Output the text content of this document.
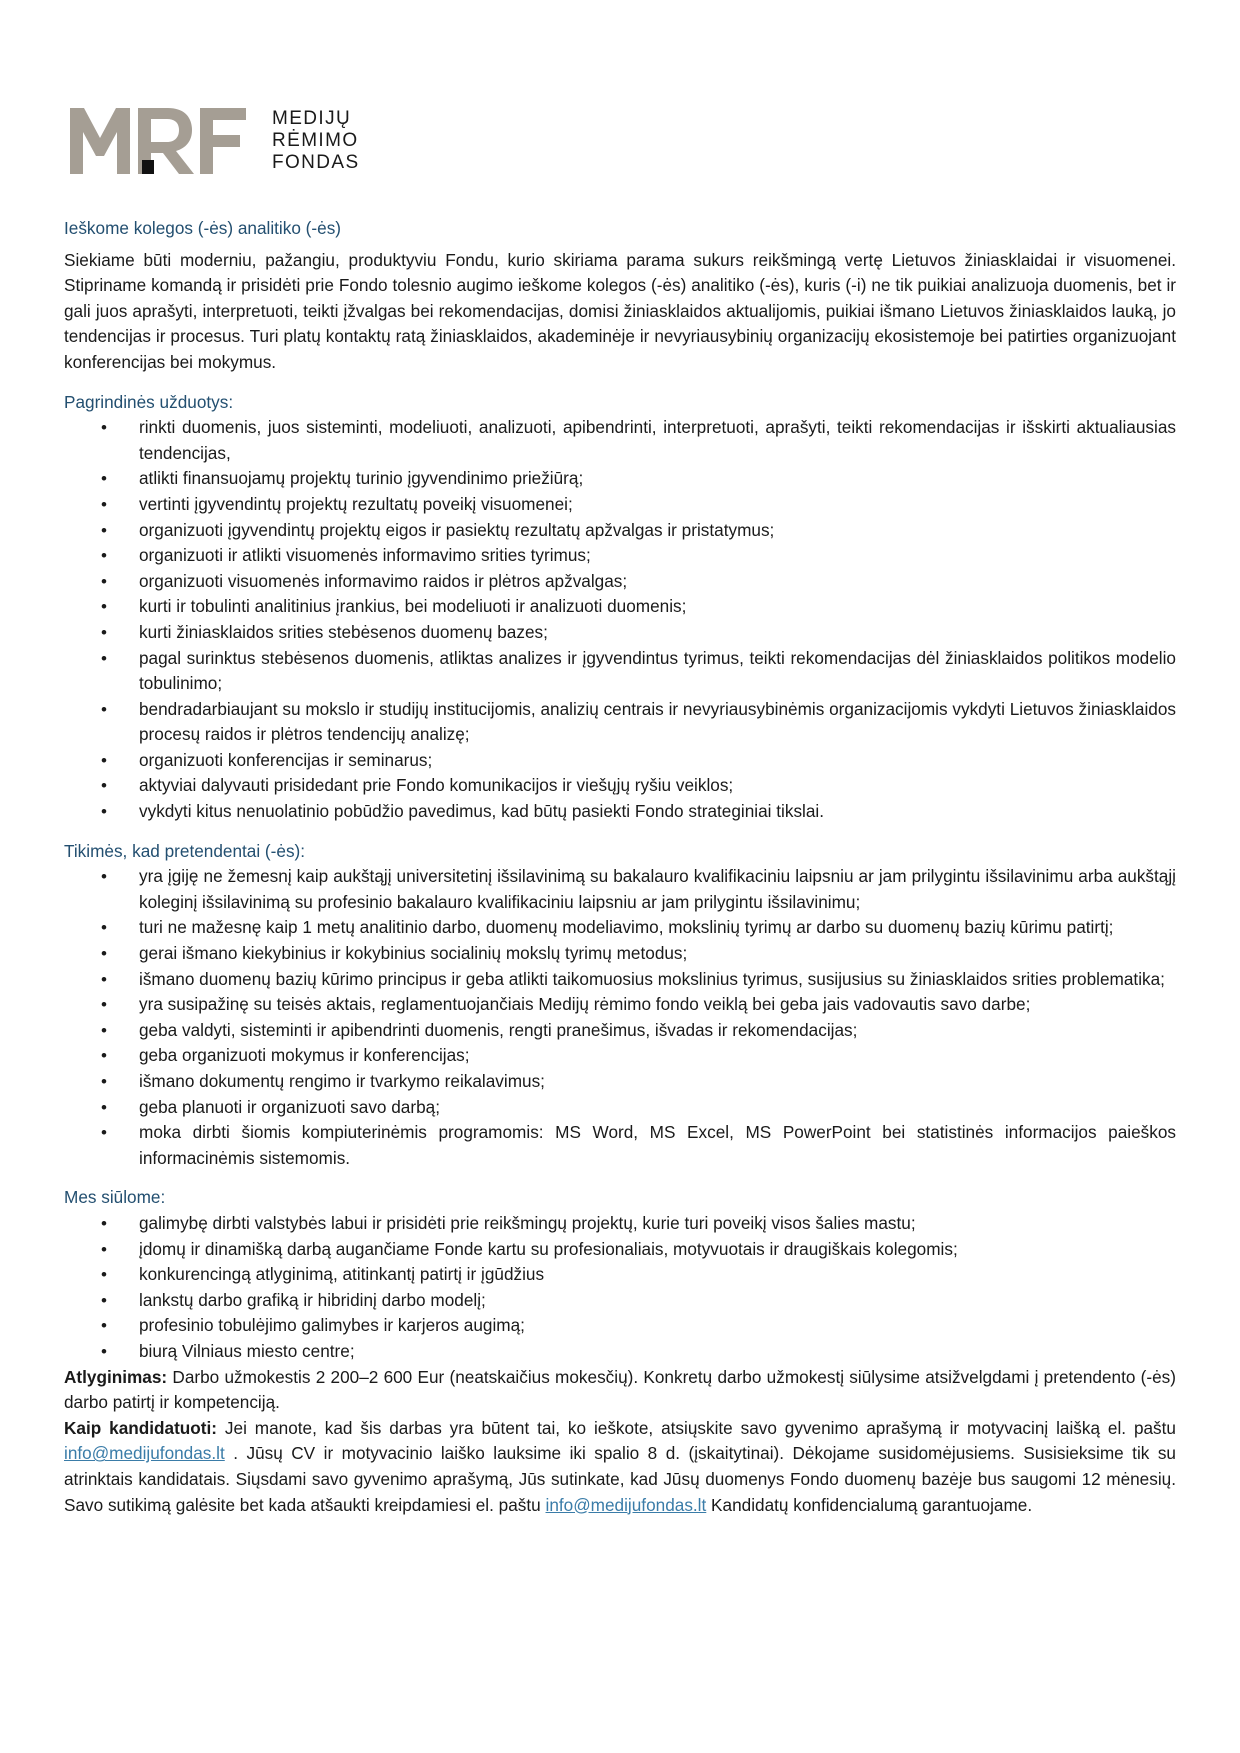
MEDIJŲ
RĖMIMO
FONDAS
Ieškome kolegos (-ės) analitiko (-ės)

Siekiame būti moderniu, pažangiu, produktyviu Fondu, kurio skiriama parama sukurs reikšmingą vertę Lietuvos žiniasklaidai ir visuomenei. Stipriname komandą ir prisidėti prie Fondo tolesnio augimo ieškome kolegos (-ės) analitiko (-ės), kuris (-i) ne tik puikiai analizuoja duomenis, bet ir gali juos aprašyti, interpretuoti, teikti įžvalgas bei rekomendacijas, domisi žiniasklaidos aktualijomis, puikiai išmano Lietuvos žiniasklaidos lauką, jo tendencijas ir procesus. Turi platų kontaktų ratą žiniasklaidos, akademinėje ir nevyriausybinių organizacijų ekosistemoje bei patirties organizuojant konferencijas bei mokymus.

Pagrindinės užduotys:
• rinkti duomenis, juos sisteminti, modeliuoti, analizuoti, apibendrinti, interpretuoti, aprašyti, teikti rekomendacijas ir išskirti aktualiausias tendencijas,
• atlikti finansuojamų projektų turinio įgyvendinimo priežiūrą;
• vertinti įgyvendintų projektų rezultatų poveikį visuomenei;
• organizuoti įgyvendintų projektų eigos ir pasiektų rezultatų apžvalgas ir pristatymus;
• organizuoti ir atlikti visuomenės informavimo srities tyrimus;
• organizuoti visuomenės informavimo raidos ir plėtros apžvalgas;
• kurti ir tobulinti analitinius įrankius, bei modeliuoti ir analizuoti duomenis;
• kurti žiniasklaidos srities stebėsenos duomenų bazes;
• pagal surinktus stebėsenos duomenis, atliktas analizes ir įgyvendintus tyrimus, teikti rekomendacijas dėl žiniasklaidos politikos modelio tobulinimo;
• bendradarbiaujant su mokslo ir studijų institucijomis, analizių centrais ir nevyriausybinėmis organizacijomis vykdyti Lietuvos žiniasklaidos procesų raidos ir plėtros tendencijų analizę;
• organizuoti konferencijas ir seminarus;
• aktyviai dalyvauti prisidedant prie Fondo komunikacijos ir viešųjų ryšiu veiklos;
• vykdyti kitus nenuolatinio pobūdžio pavedimus, kad būtų pasiekti Fondo strateginiai tikslai.
Tikimės, kad pretendentai (-ės):
• yra įgiję ne žemesnį kaip aukštąjį universitetinį išsilavinimą su bakalauro kvalifikaciniu laipsniu ar jam prilygintu išsilavinimu arba aukštąjį koleginį išsilavinimą su profesinio bakalauro kvalifikaciniu laipsniu ar jam prilygintu išsilavinimu;
• turi ne mažesnę kaip 1 metų analitinio darbo, duomenų modeliavimo, mokslinių tyrimų ar darbo su duomenų bazių kūrimu patirtį;
• gerai išmano kiekybinius ir kokybinius socialinių mokslų tyrimų metodus;
• išmano duomenų bazių kūrimo principus ir geba atlikti taikomuosius mokslinius tyrimus, susijusius su žiniasklaidos srities problematika;
• yra susipažinę su teisės aktais, reglamentuojančiais Medijų rėmimo fondo veiklą bei geba jais vadovautis savo darbe;
• geba valdyti, sisteminti ir apibendrinti duomenis, rengti pranešimus, išvadas ir rekomendacijas;
• geba organizuoti mokymus ir konferencijas;
• išmano dokumentų rengimo ir tvarkymo reikalavimus;
• geba planuoti ir organizuoti savo darbą;
• moka dirbti šiomis kompiuterinėmis programomis: MS Word, MS Excel, MS PowerPoint bei statistinės informacijos paieškos informacinėmis sistemomis.
Mes siūlome:
• galimybę dirbti valstybės labui ir prisidėti prie reikšmingų projektų, kurie turi poveikį visos šalies mastu;
• įdomų ir dinamišką darbą augančiame Fonde kartu su profesionaliais, motyvuotais ir draugiškais kolegomis;
• konkurencingą atlyginimą, atitinkantį patirtį ir įgūdžius
• lankstų darbo grafiką ir hibridinį darbo modelį;
• profesinio tobulėjimo galimybes ir karjeros augimą;
• biurą Vilniaus miesto centre;

Atlyginimas: Darbo užmokestis 2 200–2 600 Eur (neatskaičius mokesčių). Konkretų darbo užmokestį siūlysime atsižvelgdami į pretendento (-ės) darbo patirtį ir kompetenciją.

Kaip kandidatuoti: Jei manote, kad šis darbas yra būtent tai, ko ieškote, atsiųskite savo gyvenimo aprašymą ir motyvacinį laišką el. paštu info@medijufondas.lt . Jūsų CV ir motyvacinio laiško lauksime iki spalio 8 d. (įskaitytinai). Dėkojame susidomėjusiems. Susisieksime tik su atrinktais kandidatais. Siųsdami savo gyvenimo aprašymą, Jūs sutinkate, kad Jūsų duomenys Fondo duomenų bazėje bus saugomi 12 mėnesių. Savo sutikimą galėsite bet kada atšaukti kreipdamiesi el. paštu info@medijufondas.lt Kandidatų konfidencialumą garantuojame.
